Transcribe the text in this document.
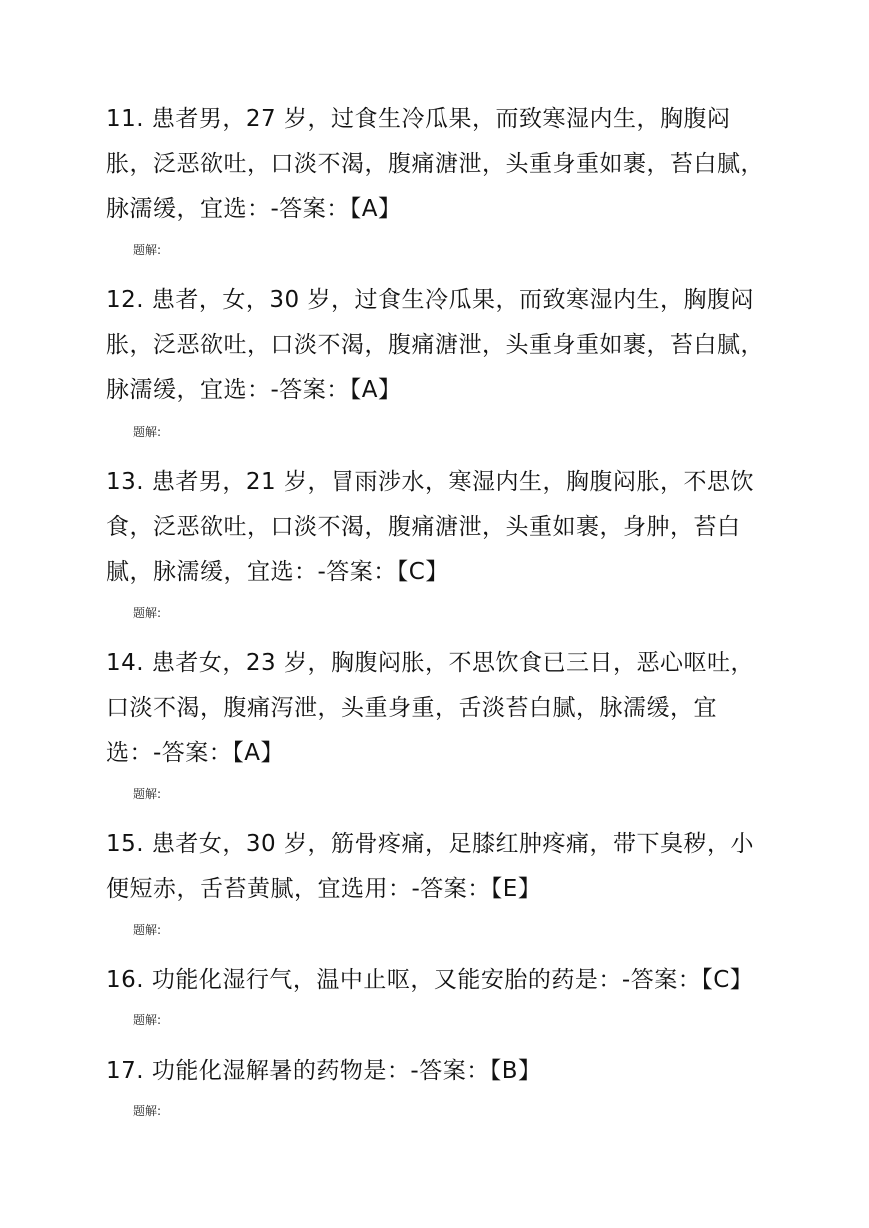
11. 患者男，27 岁，过食生冷瓜果，而致寒湿内生，胸腹闷胀，泛恶欲吐，口淡不渴，腹痛溏泄，头重身重如裹，苔白腻，脉濡缓，宜选：-答案：【A】

题解:

12. 患者，女，30 岁，过食生冷瓜果，而致寒湿内生，胸腹闷胀，泛恶欲吐，口淡不渴，腹痛溏泄，头重身重如裹，苔白腻，脉濡缓，宜选：-答案：【A】

题解:

13. 患者男，21 岁，冒雨涉水，寒湿内生，胸腹闷胀，不思饮食，泛恶欲吐，口淡不渴，腹痛溏泄，头重如裹，身肿，苔白腻，脉濡缓，宜选：-答案：【C】

题解:

14. 患者女，23 岁，胸腹闷胀，不思饮食已三日，恶心呕吐，口淡不渴，腹痛泻泄，头重身重，舌淡苔白腻，脉濡缓，宜选：-答案：【A】

题解:

15. 患者女，30 岁，筋骨疼痛，足膝红肿疼痛，带下臭秽，小便短赤，舌苔黄腻，宜选用：-答案：【E】

题解:

16. 功能化湿行气，温中止呕，又能安胎的药是：-答案：【C】

题解:

17. 功能化湿解暑的药物是：-答案：【B】

题解:
